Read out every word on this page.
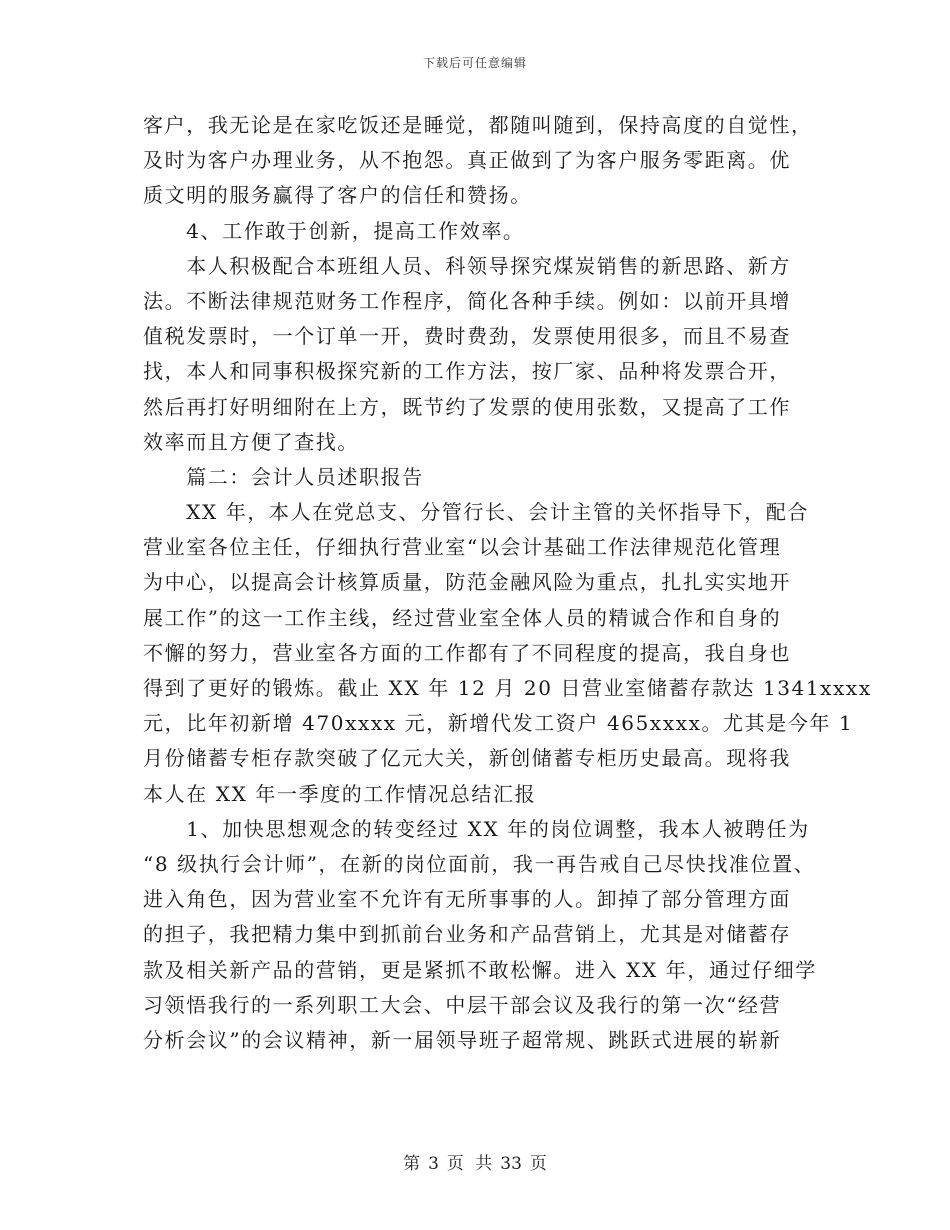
下载后可任意编辑
客户，我无论是在家吃饭还是睡觉，都随叫随到，保持高度的自觉性，
及时为客户办理业务，从不抱怨。真正做到了为客户服务零距离。优
质文明的服务赢得了客户的信任和赞扬。
　　4、工作敢于创新，提高工作效率。
　　本人积极配合本班组人员、科领导探究煤炭销售的新思路、新方
法。不断法律规范财务工作程序，简化各种手续。例如：以前开具增
值税发票时，一个订单一开，费时费劲，发票使用很多，而且不易查
找，本人和同事积极探究新的工作方法，按厂家、品种将发票合开，
然后再打好明细附在上方，既节约了发票的使用张数，又提高了工作
效率而且方便了查找。
　　篇二：会计人员述职报告
　　XX 年，本人在党总支、分管行长、会计主管的关怀指导下，配合
营业室各位主任，仔细执行营业室“以会计基础工作法律规范化管理
为中心，以提高会计核算质量，防范金融风险为重点，扎扎实实地开
展工作”的这一工作主线，经过营业室全体人员的精诚合作和自身的
不懈的努力，营业室各方面的工作都有了不同程度的提高，我自身也
得到了更好的锻炼。截止 XX 年 12 月 20 日营业室储蓄存款达 1341xxxx
元，比年初新增 470xxxx 元，新增代发工资户 465xxxx。尤其是今年 1
月份储蓄专柜存款突破了亿元大关，新创储蓄专柜历史最高。现将我
本人在 XX 年一季度的工作情况总结汇报
　　1、加快思想观念的转变经过 XX 年的岗位调整，我本人被聘任为
“8 级执行会计师”，在新的岗位面前，我一再告戒自己尽快找准位置、
进入角色，因为营业室不允许有无所事事的人。卸掉了部分管理方面
的担子，我把精力集中到抓前台业务和产品营销上，尤其是对储蓄存
款及相关新产品的营销，更是紧抓不敢松懈。进入 XX 年，通过仔细学
习领悟我行的一系列职工大会、中层干部会议及我行的第一次“经营
分析会议”的会议精神，新一届领导班子超常规、跳跃式进展的崭新
第 3 页 共 33 页
